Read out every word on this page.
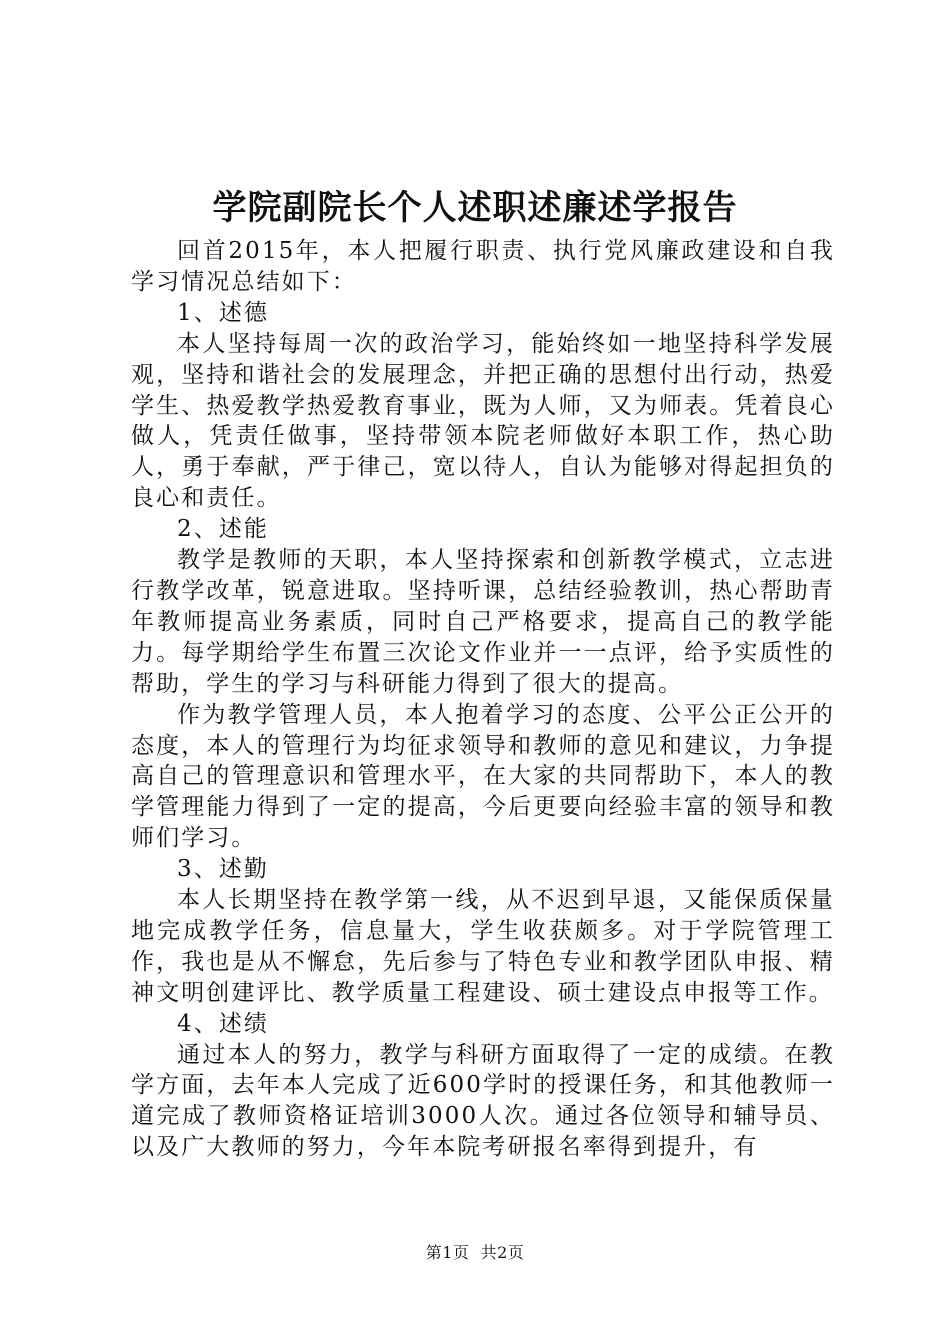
学院副院长个人述职述廉述学报告

回首2015年，本人把履行职责、执行党风廉政建设和自我学习情况总结如下：

1、述德

本人坚持每周一次的政治学习，能始终如一地坚持科学发展观，坚持和谐社会的发展理念，并把正确的思想付出行动，热爱学生、热爱教学热爱教育事业，既为人师，又为师表。凭着良心做人，凭责任做事，坚持带领本院老师做好本职工作，热心助人，勇于奉献，严于律己，宽以待人，自认为能够对得起担负的良心和责任。

2、述能

教学是教师的天职，本人坚持探索和创新教学模式，立志进行教学改革，锐意进取。坚持听课，总结经验教训，热心帮助青年教师提高业务素质，同时自己严格要求，提高自己的教学能力。每学期给学生布置三次论文作业并一一点评，给予实质性的帮助，学生的学习与科研能力得到了很大的提高。

作为教学管理人员，本人抱着学习的态度、公平公正公开的态度，本人的管理行为均征求领导和教师的意见和建议，力争提高自己的管理意识和管理水平，在大家的共同帮助下，本人的教学管理能力得到了一定的提高，今后更要向经验丰富的领导和教师们学习。

3、述勤

本人长期坚持在教学第一线，从不迟到早退，又能保质保量地完成教学任务，信息量大，学生收获颇多。对于学院管理工作，我也是从不懈怠，先后参与了特色专业和教学团队申报、精神文明创建评比、教学质量工程建设、硕士建设点申报等工作。

4、述绩

通过本人的努力，教学与科研方面取得了一定的成绩。在教学方面，去年本人完成了近600学时的授课任务，和其他教师一道完成了教师资格证培训3000人次。通过各位领导和辅导员、以及广大教师的努力，今年本院考研报名率得到提升，有

第1页 共2页
